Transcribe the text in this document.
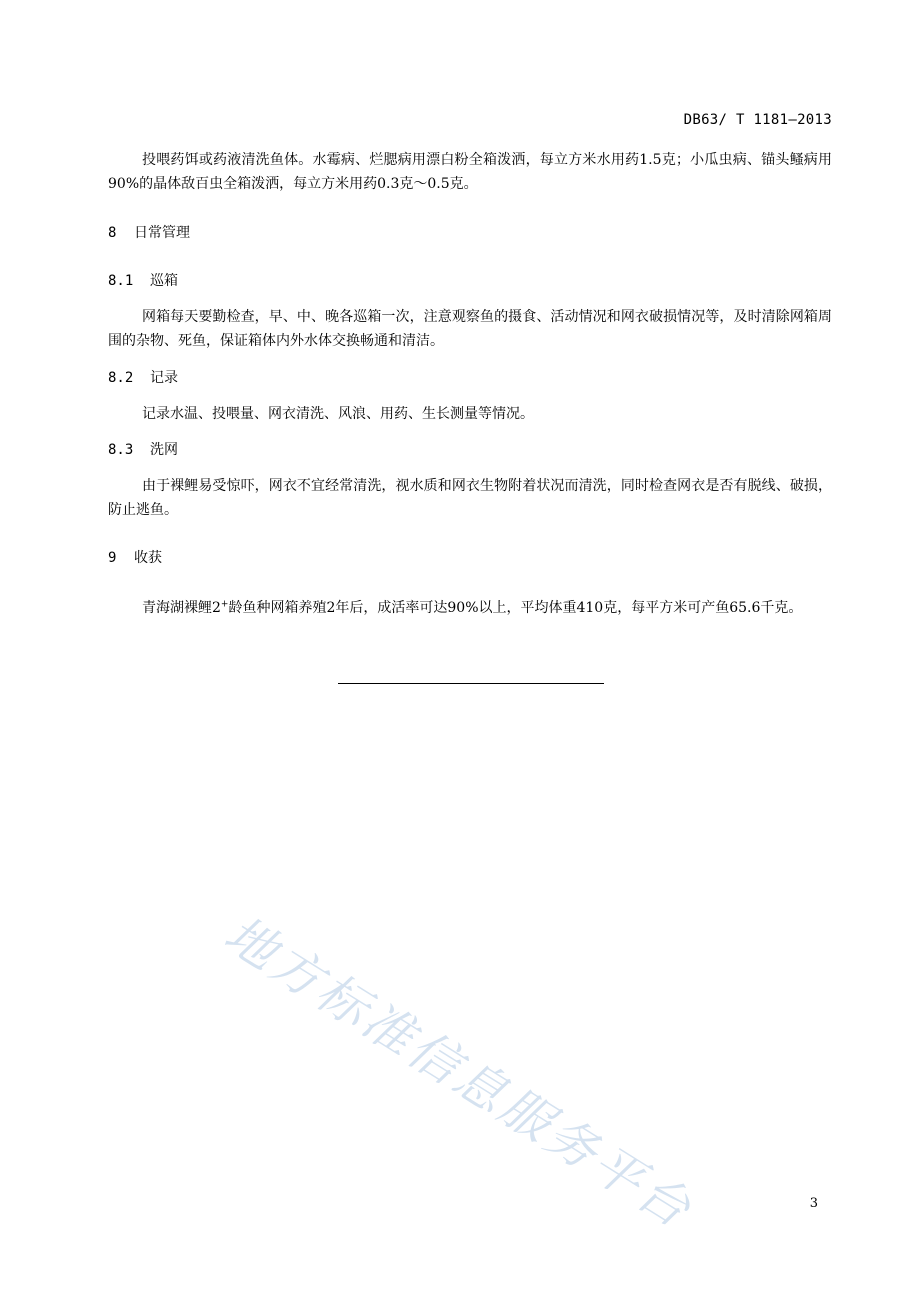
DB63/ T 1181—2013

投喂药饵或药液清洗鱼体。水霉病、烂腮病用漂白粉全箱泼洒，每立方米水用药1.5克；小瓜虫病、锚头鳋病用90%的晶体敌百虫全箱泼洒，每立方米用药0.3克～0.5克。

8 日常管理
8.1 巡箱

网箱每天要勤检查，早、中、晚各巡箱一次，注意观察鱼的摄食、活动情况和网衣破损情况等，及时清除网箱周围的杂物、死鱼，保证箱体内外水体交换畅通和清洁。

8.2 记录

记录水温、投喂量、网衣清洗、风浪、用药、生长测量等情况。

8.3 洗网

由于裸鲤易受惊吓，网衣不宜经常清洗，视水质和网衣生物附着状况而清洗，同时检查网衣是否有脱线、破损，防止逃鱼。

9 收获

青海湖裸鲤2+龄鱼种网箱养殖2年后，成活率可达90%以上，平均体重410克，每平方米可产鱼65.6千克。

地方标准信息服务平台	3
